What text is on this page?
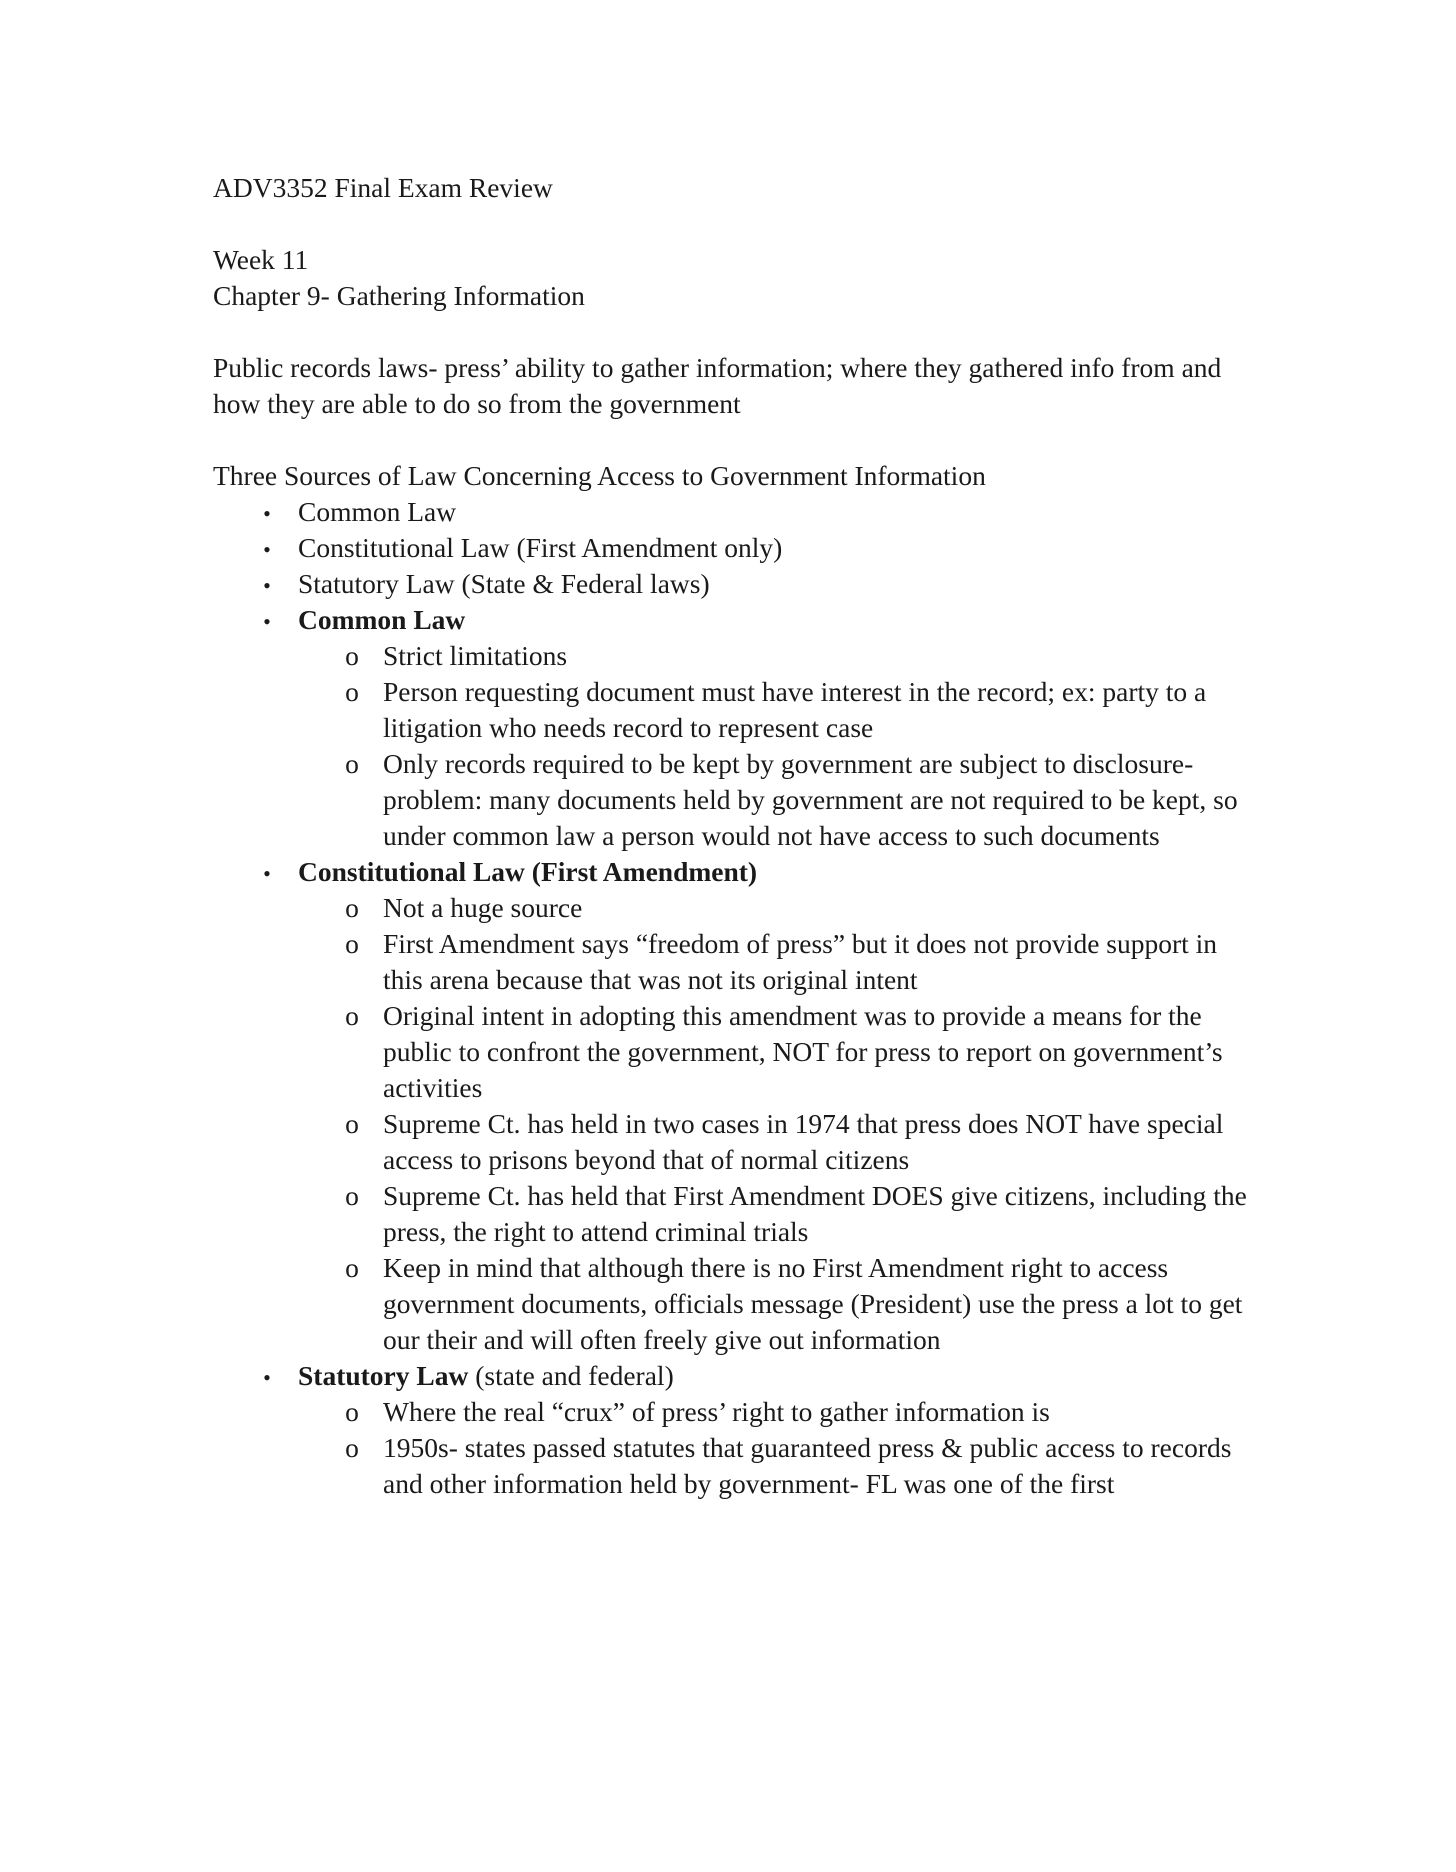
ADV3352 Final Exam Review

Week 11

Chapter 9- Gathering Information

Public records laws- press’ ability to gather information; where they gathered info from and how they are able to do so from the government

Three Sources of Law Concerning Access to Government Information

•
Common Law
•
Constitutional Law (First Amendment only)
•
Statutory Law (State & Federal laws)
•
Common Law
o
Strict limitations
o
Person requesting document must have interest in the record; ex: party to a litigation who needs record to represent case
o
Only records required to be kept by government are subject to disclosure- problem: many documents held by government are not required to be kept, so under common law a person would not have access to such documents
•
Constitutional Law (First Amendment)
o
Not a huge source
o
First Amendment says “freedom of press” but it does not provide support in this arena because that was not its original intent
o
Original intent in adopting this amendment was to provide a means for the public to confront the government, NOT for press to report on government’s activities
o
Supreme Ct. has held in two cases in 1974 that press does NOT have special access to prisons beyond that of normal citizens
o
Supreme Ct. has held that First Amendment DOES give citizens, including the press, the right to attend criminal trials
o
Keep in mind that although there is no First Amendment right to access government documents, officials message (President) use the press a lot to get our their and will often freely give out information
•
Statutory Law (state and federal)
o
Where the real “crux” of press’ right to gather information is
o
1950s- states passed statutes that guaranteed press & public access to records and other information held by government- FL was one of the first
